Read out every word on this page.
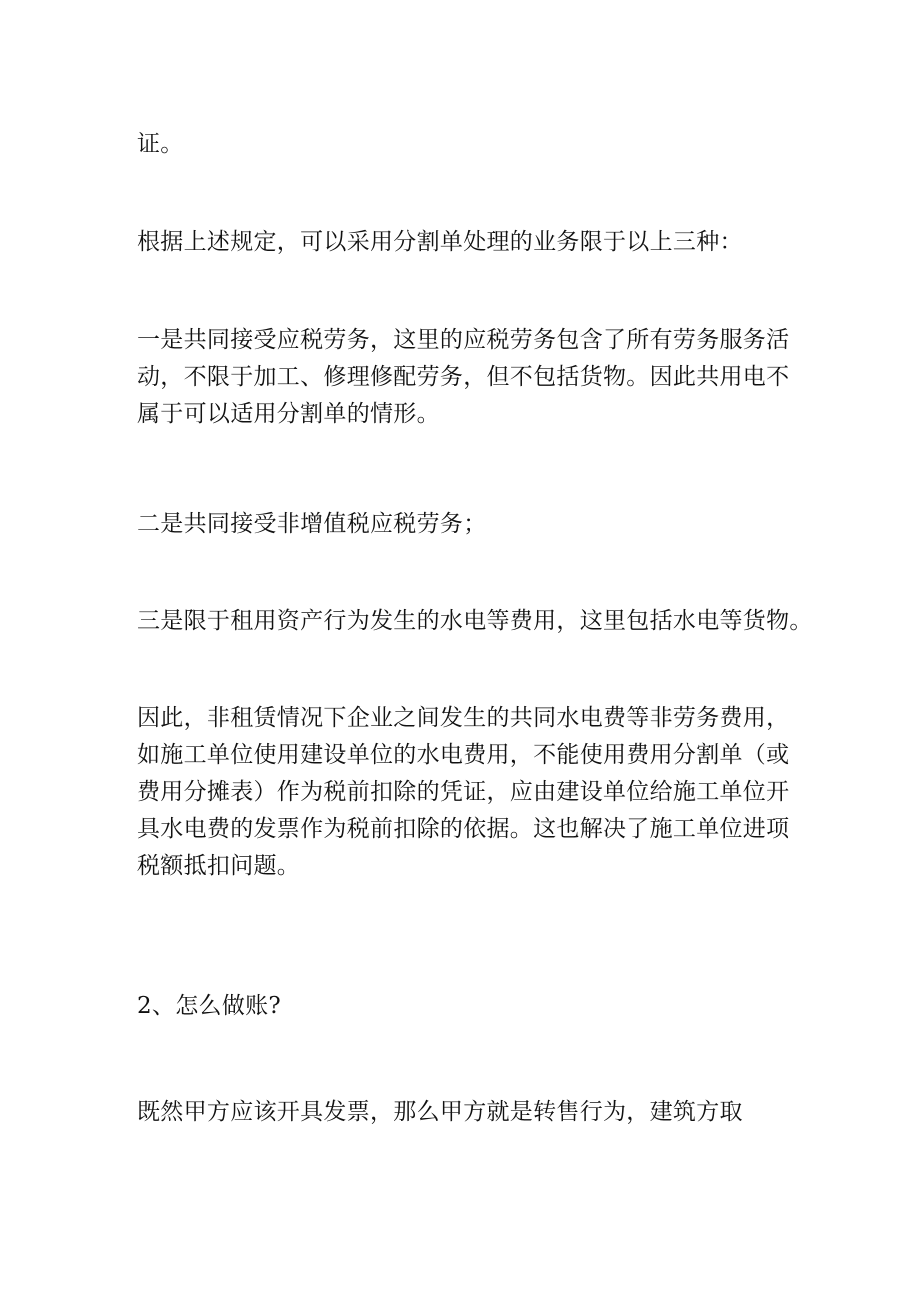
证。

根据上述规定，可以采用分割单处理的业务限于以上三种：

一是共同接受应税劳务，这里的应税劳务包含了所有劳务服务活
动，不限于加工、修理修配劳务，但不包括货物。因此共用电不
属于可以适用分割单的情形。

二是共同接受非增值税应税劳务；

三是限于租用资产行为发生的水电等费用，这里包括水电等货物。

因此，非租赁情况下企业之间发生的共同水电费等非劳务费用，
如施工单位使用建设单位的水电费用，不能使用费用分割单（或
费用分摊表）作为税前扣除的凭证，应由建设单位给施工单位开
具水电费的发票作为税前扣除的依据。这也解决了施工单位进项
税额抵扣问题。

2、怎么做账?

既然甲方应该开具发票，那么甲方就是转售行为，建筑方取
